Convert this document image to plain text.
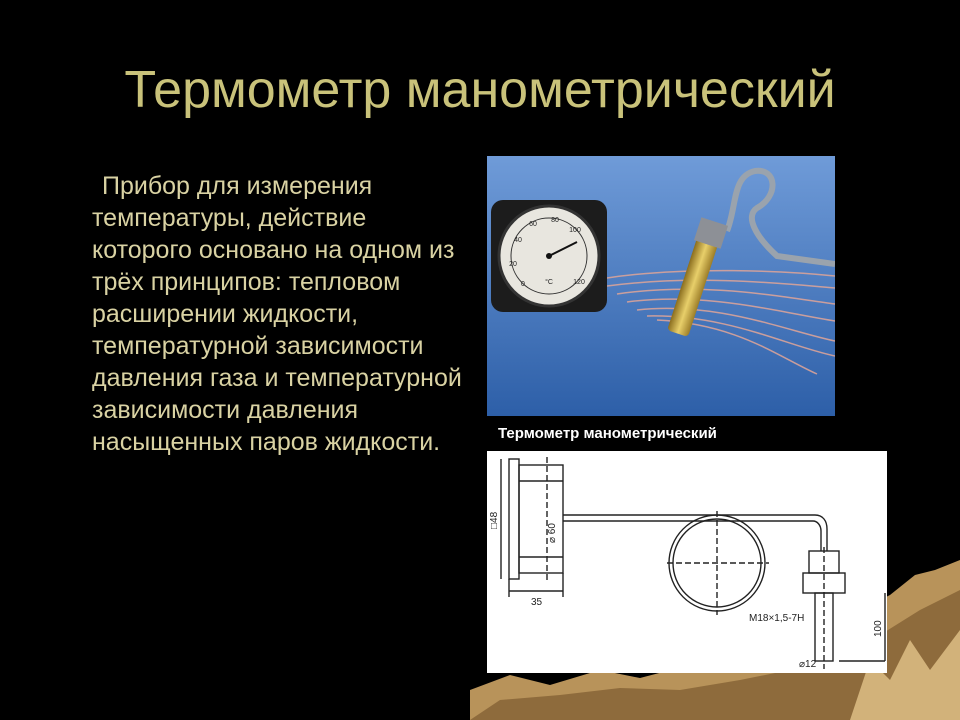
Термометр манометрический
Прибор для измерения температуры, действие которого основано на одном из трёх принципов: тепловом расширении жидкости, температурной зависимости давления газа и температурной зависимости давления насыщенных паров жидкости.
0
20
40
60
80
100
120
°C
Термометр манометрический
□48
⌀ 60
35
M18×1,5-7H
100
⌀12
